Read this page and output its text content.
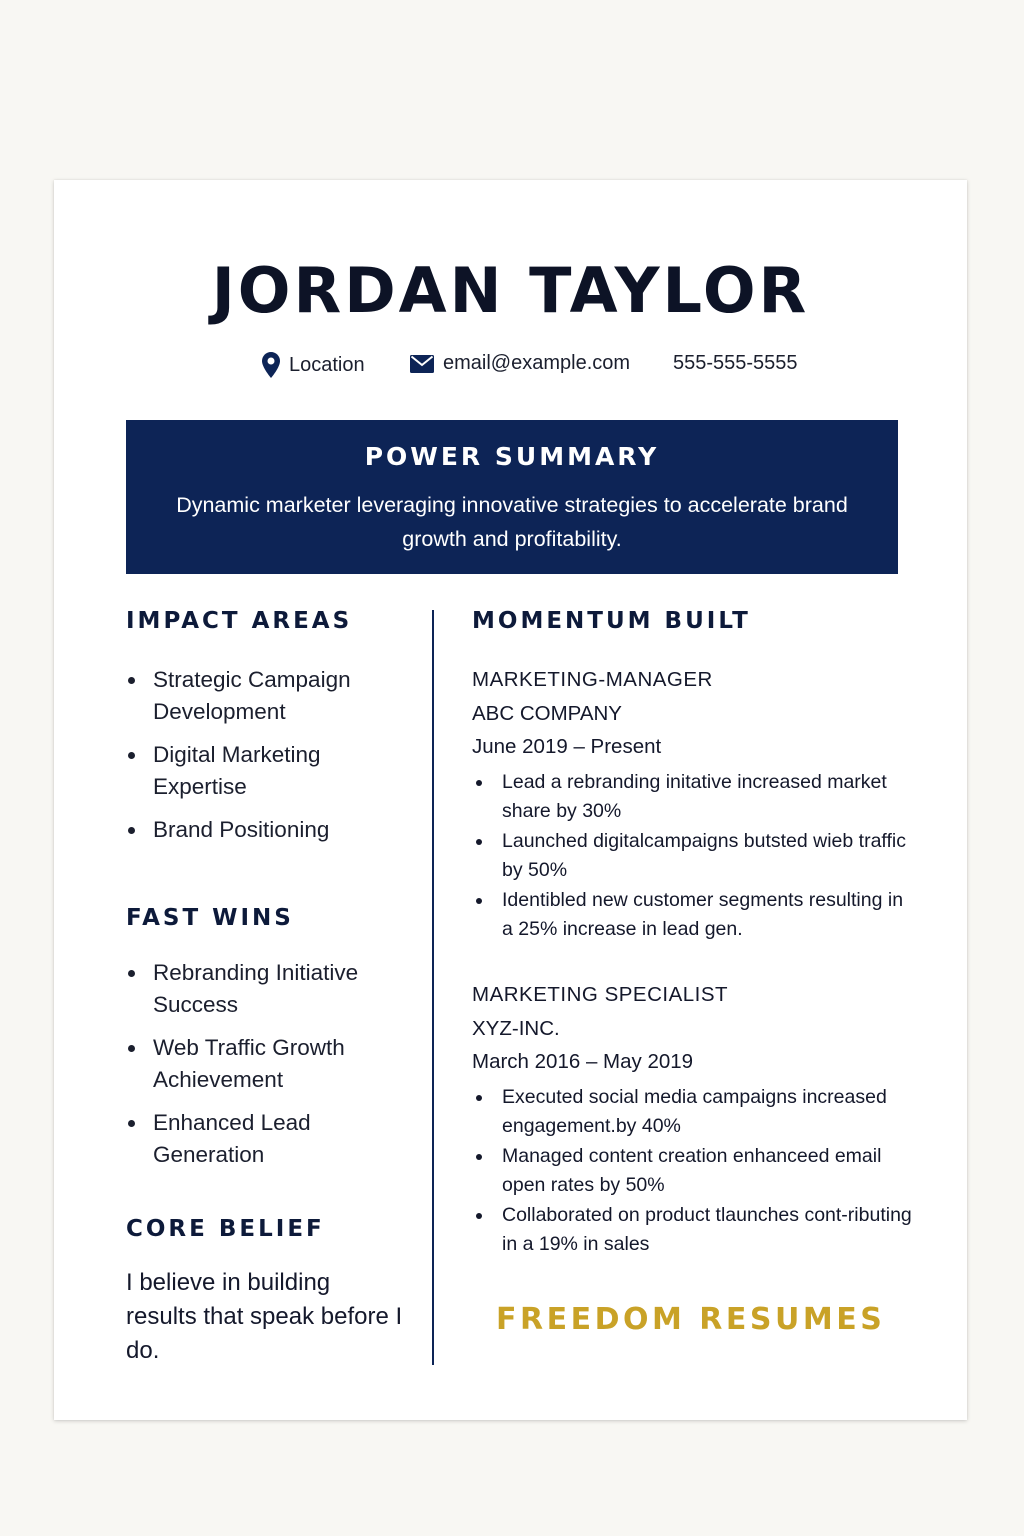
JORDAN TAYLOR
Location	email@example.com 555-555-5555
POWER SUMMARY
Dynamic marketer leveraging innovative strategies to accelerate brand growth and profitability.
IMPACT AREAS
Strategic Campaign Development
Digital Marketing Expertise
Brand Positioning
FAST WINS
Rebranding Initiative Success
Web Traffic Growth Achievement
Enhanced Lead Generation
CORE BELIEF
I believe in building results that speak before I do.
MOMENTUM BUILT
MARKETING-MANAGER
ABC COMPANY
June 2019 – Present
Lead a rebranding initative increased market share by 30%
Launched digitalcampaigns butsted wieb traffic by 50%
Identibled new customer segments resulting in a 25% increase in lead gen.
MARKETING SPECIALIST
XYZ-INC.
March 2016 – May 2019
Executed social media campaigns increased engagement.by 40%
Managed content creation enhanceed email open rates by 50%
Collaborated on product tlaunches cont-ributing in a 19% in sales
FREEDOM RESUMES
